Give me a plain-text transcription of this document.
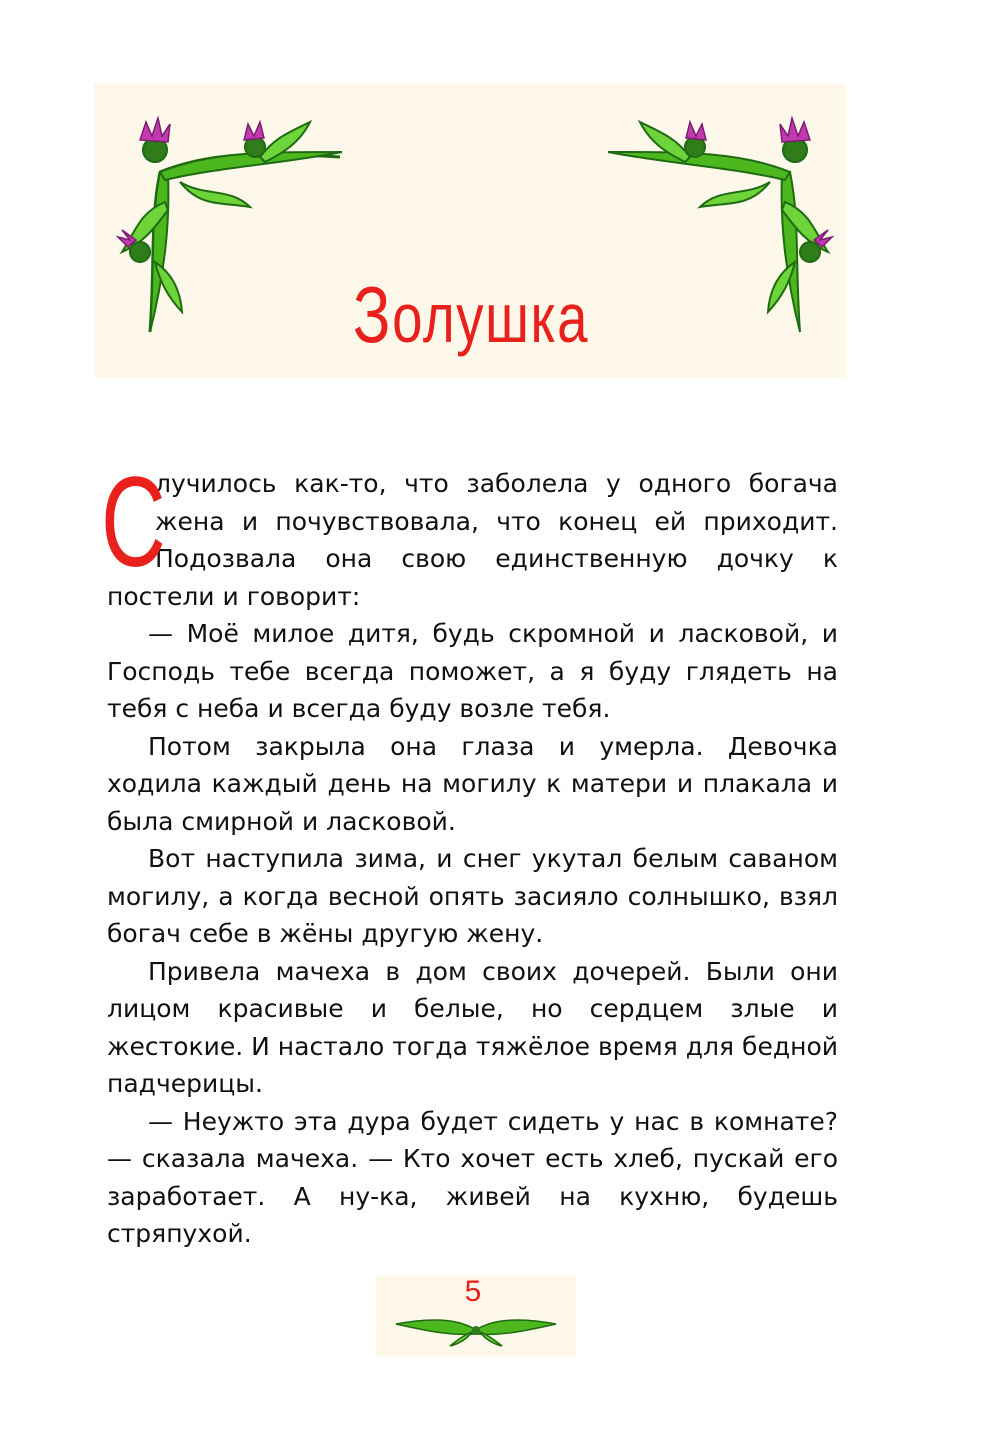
Золушка

С
лучилось как-то, что заболела у одного богача жена и почувствовала, что конец ей приходит. Подозвала она свою единственную дочку к постели и говорит:

— Моё милое дитя, будь скромной и ласковой, и Господь тебе всегда поможет, а я буду глядеть на тебя с неба и всегда буду возле тебя.

Потом закрыла она глаза и умерла. Девочка ходила каждый день на могилу к матери и плакала и была смирной и ласковой.

Вот наступила зима, и снег укутал белым саваном могилу, а когда весной опять засияло солнышко, взял богач себе в жёны другую жену.

Привела мачеха в дом своих дочерей. Были они лицом красивые и белые, но сердцем злые и жестокие. И настало тогда тяжёлое время для бедной падчерицы.

— Неужто эта дура будет сидеть у нас в комнате? — сказала мачеха. — Кто хочет есть хлеб, пускай его заработает. А ну-ка, живей на кухню, будешь стряпухой.

5
